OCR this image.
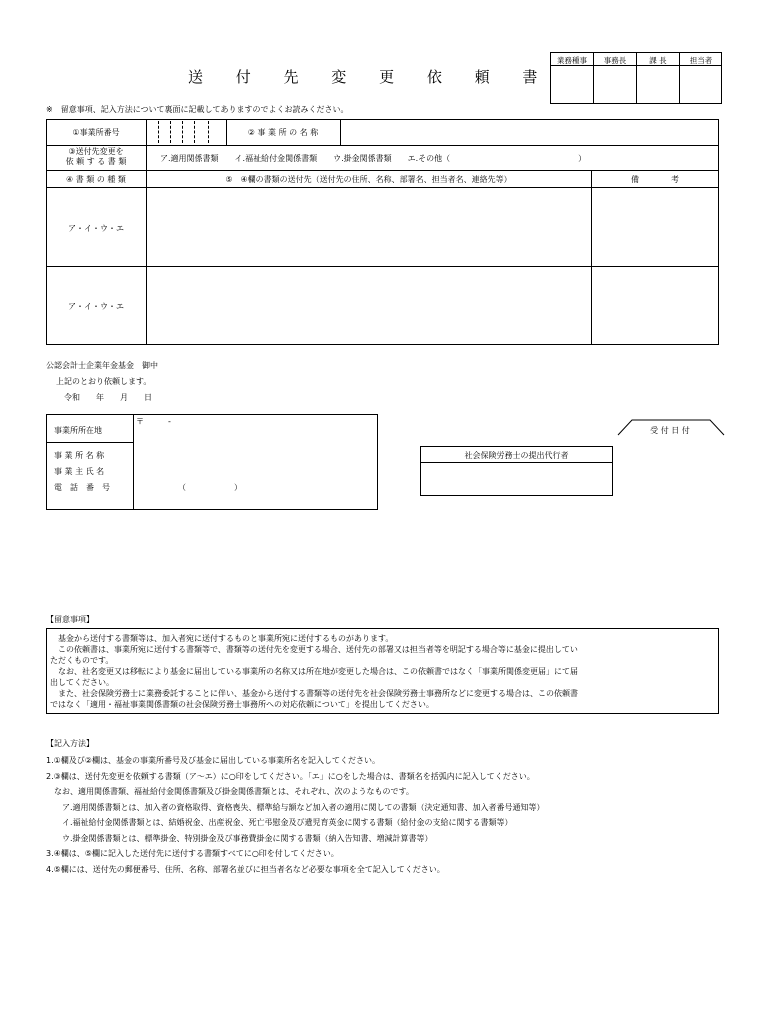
送 付 先 変 更 依 頼 書
業務種事	事務長	課 長	担当者
※　留意事項、記入方法について裏面に記載してありますのでよくお読みください。
①事業所番号	② 事 業 所 の 名 称
③送付先変更を
依 頼 す る 書 類	ア.適用関係書類　　イ.福祉給付金関係書類　　ウ.掛金関係書類　　エ.その他（　　　　　　　　　　　　　　　　）
④ 書 類 の 種 類	⑤　④欄の書類の送付先（送付先の住所、名称、部署名、担当者名、連絡先等）	備　　　　考
ア・イ・ウ・エ
ア・イ・ウ・エ
公認会計士企業年金基金　御中
上記のとおり依頼します。
令和　　年　　月　　日
事業所所在地
〒　　　-
事 業 所 名 称
事 業 主 氏 名
電　話　番　号	（　　　　　　）
受 付 日 付
社会保険労務士の提出代行者
【留意事項】
　基金から送付する書類等は、加入者宛に送付するものと事業所宛に送付するものがあります。
　この依頼書は、事業所宛に送付する書類等で、書類等の送付先を変更する場合、送付先の部署又は担当者等を明記する場合等に基金に提出してい
ただくものです。
　なお、社名変更又は移転により基金に届出している事業所の名称又は所在地が変更した場合は、この依頼書ではなく「事業所関係変更届」にて届
出してください。
　また、社会保険労務士に業務委託することに伴い、基金から送付する書類等の送付先を社会保険労務士事務所などに変更する場合は、この依頼書
ではなく「適用・福祉事業関係書類の社会保険労務士事務所への対応依頼について」を提出してください。
【記入方法】
1.①欄及び②欄は、基金の事業所番号及び基金に届出している事業所名を記入してください。
2.③欄は、送付先変更を依頼する書類（ア～エ）に○印をしてください。「エ」に○をした場合は、書類名を括弧内に記入してください。
　なお、適用関係書類、福祉給付金関係書類及び掛金関係書類とは、それぞれ、次のようなものです。
　　ア.適用関係書類とは、加入者の資格取得、資格喪失、標準給与額など加入者の適用に関しての書類（決定通知書、加入者番号通知等）
　　イ.福祉給付金関係書類とは、結婚祝金、出産祝金、死亡弔慰金及び遺児育英金に関する書類（給付金の支給に関する書類等）
　　ウ.掛金関係書類とは、標準掛金、特別掛金及び事務費掛金に関する書類（納入告知書、増減計算書等）
3.④欄は、⑤欄に記入した送付先に送付する書類すべてに○印を付してください。
4.⑤欄には、送付先の郵便番号、住所、名称、部署名並びに担当者名など必要な事項を全て記入してください。
